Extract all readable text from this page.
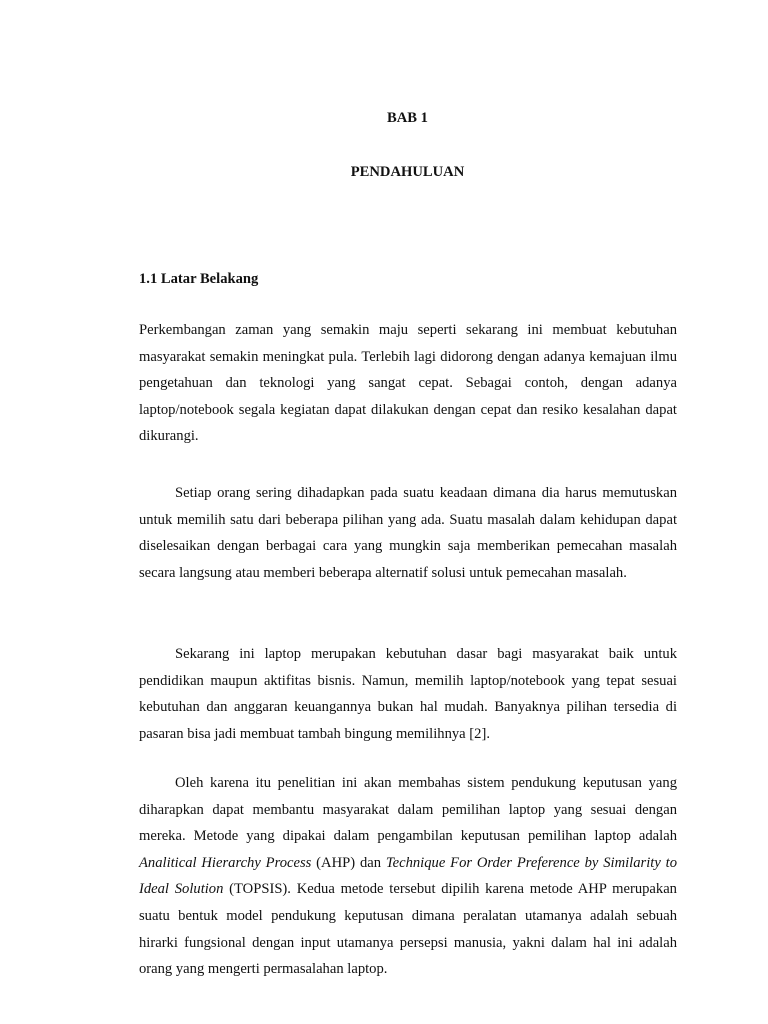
BAB 1
PENDAHULUAN
1.1 Latar Belakang

Perkembangan zaman yang semakin maju seperti sekarang ini membuat kebutuhan masyarakat semakin meningkat pula. Terlebih lagi didorong dengan adanya kemajuan ilmu pengetahuan dan teknologi yang sangat cepat. Sebagai contoh, dengan adanya laptop/notebook segala kegiatan dapat dilakukan dengan cepat dan resiko kesalahan dapat dikurangi.

Setiap orang sering dihadapkan pada suatu keadaan dimana dia harus memutuskan untuk memilih satu dari beberapa pilihan yang ada. Suatu masalah dalam kehidupan dapat diselesaikan dengan berbagai cara yang mungkin saja memberikan pemecahan masalah secara langsung atau memberi beberapa alternatif solusi untuk pemecahan masalah.

Sekarang ini laptop merupakan kebutuhan dasar bagi masyarakat baik untuk pendidikan maupun aktifitas bisnis. Namun, memilih laptop/notebook yang tepat sesuai kebutuhan dan anggaran keuangannya bukan hal mudah. Banyaknya pilihan tersedia di pasaran bisa jadi membuat tambah bingung memilihnya [2].

Oleh karena itu penelitian ini akan membahas sistem pendukung keputusan yang diharapkan dapat membantu masyarakat dalam pemilihan laptop yang sesuai dengan mereka. Metode yang dipakai dalam pengambilan keputusan pemilihan laptop adalah Analitical Hierarchy Process (AHP) dan Technique For Order Preference by Similarity to Ideal Solution (TOPSIS). Kedua metode tersebut dipilih karena metode AHP merupakan suatu bentuk model pendukung keputusan dimana peralatan utamanya adalah sebuah hirarki fungsional dengan input utamanya persepsi manusia, yakni dalam hal ini adalah orang yang mengerti permasalahan laptop.
